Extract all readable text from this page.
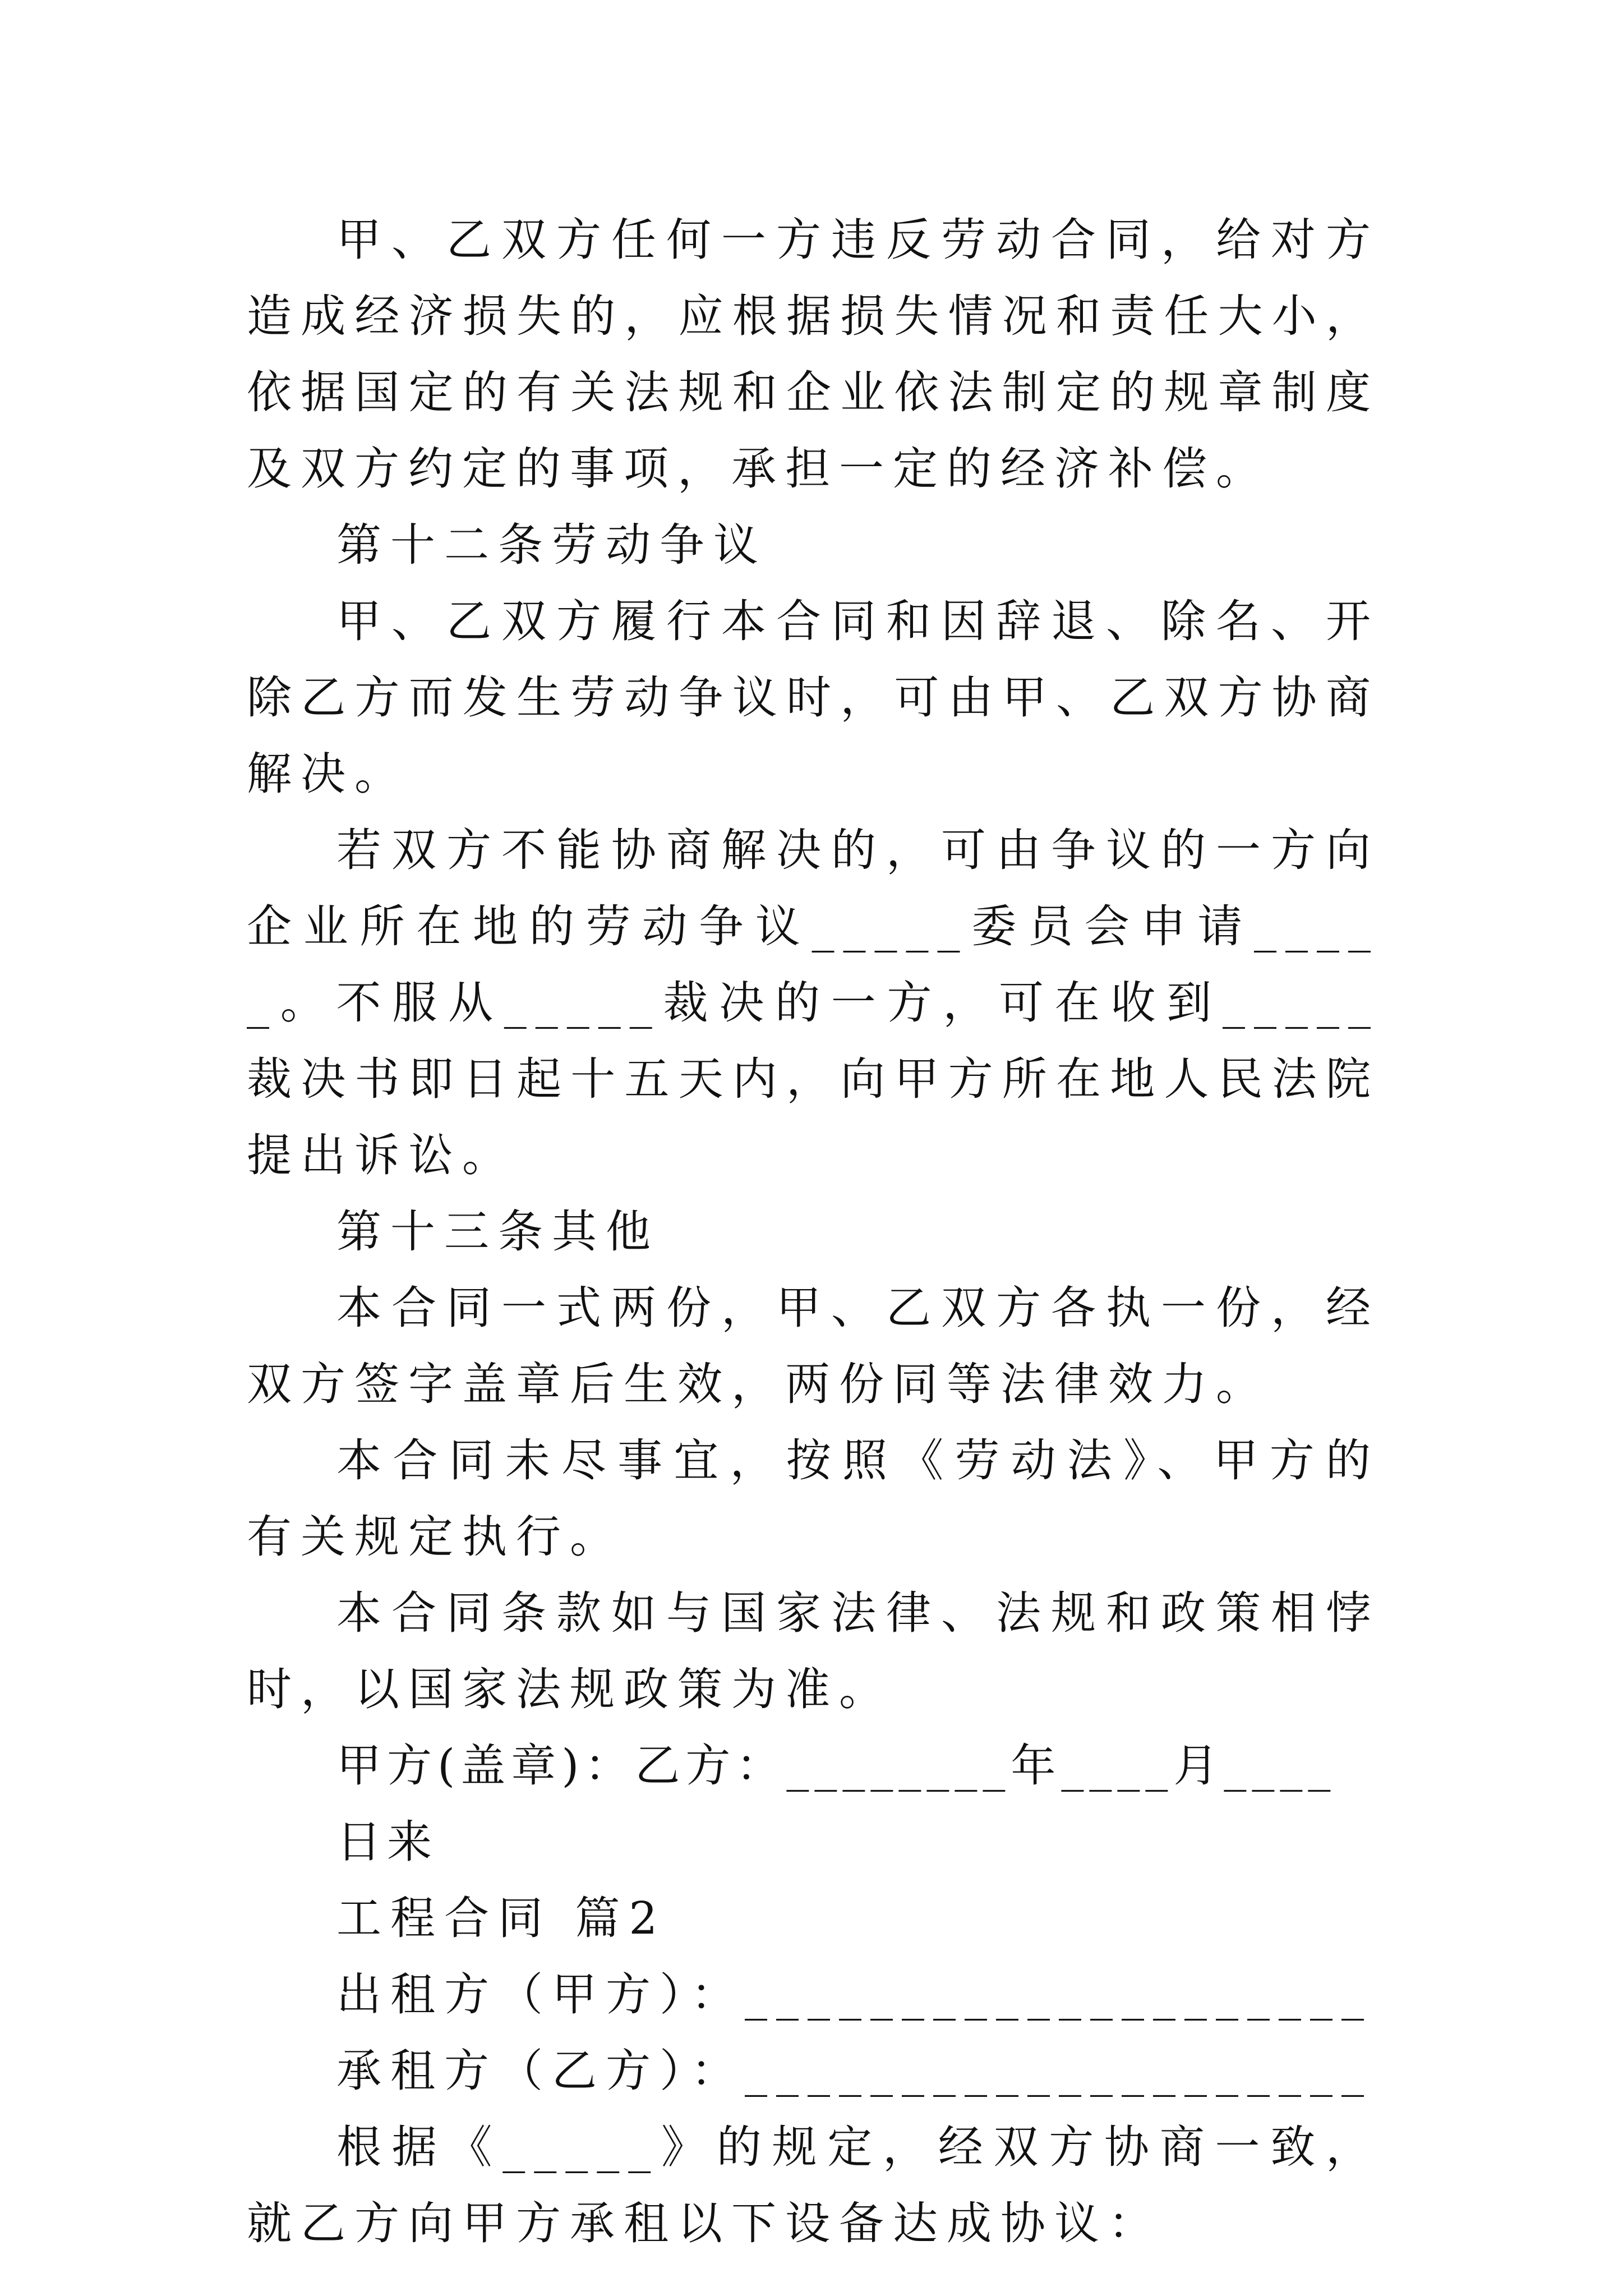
甲、乙双方任何一方违反劳动合同，给对方造成经济损失的，应根据损失情况和责任大小，依据国定的有关法规和企业依法制定的规章制度及双方约定的事项，承担一定的经济补偿。

第十二条劳动争议

甲、乙双方履行本合同和因辞退、除名、开除乙方而发生劳动争议时，可由甲、乙双方协商解决。

若双方不能协商解决的，可由争议的一方向企业所在地的劳动争议_____委员会申请_____。不服从_____裁决的一方，可在收到_____裁决书即日起十五天内，向甲方所在地人民法院提出诉讼。

第十三条其他

本合同一式两份，甲、乙双方各执一份，经双方签字盖章后生效，两份同等法律效力。

本合同未尽事宜，按照《劳动法》、甲方的有关规定执行。

本合同条款如与国家法律、法规和政策相悖时，以国家法规政策为准。

甲方(盖章)：乙方：________年____月____日来

工程合同 篇2

出租方（甲方）：____________________

承租方（乙方）：____________________

根据《_____》的规定，经双方协商一致，就乙方向甲方承租以下设备达成协议：
